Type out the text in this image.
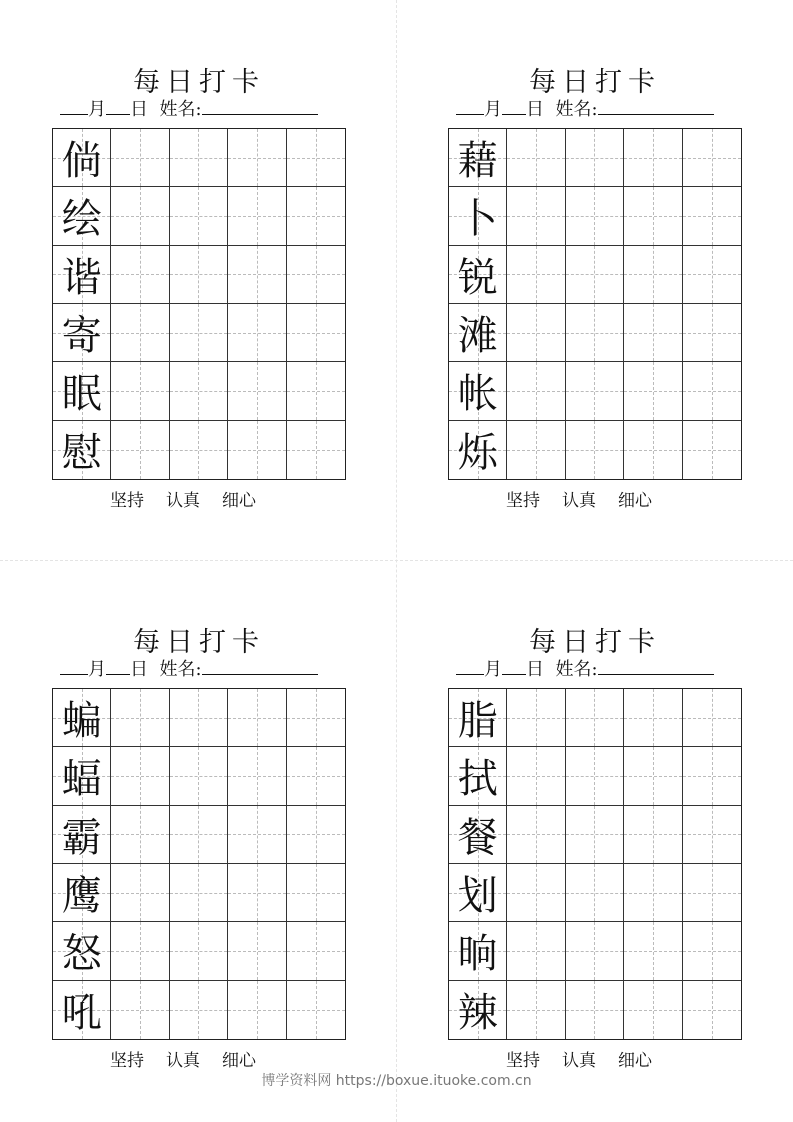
每日打卡
月 日 姓名:
倘
绘
谐
寄
眠
慰
坚持 认真 细心
每日打卡
月 日 姓名:
藉
卜
锐
滩
帐
烁
坚持 认真 细心
每日打卡
月 日 姓名:
蝙
蝠
霸
鹰
怒
吼
坚持 认真 细心
每日打卡
月 日 姓名:
脂
拭
餐
划
晌
辣
坚持 认真 细心
博学资料网 https://boxue.ituoke.com.cn
